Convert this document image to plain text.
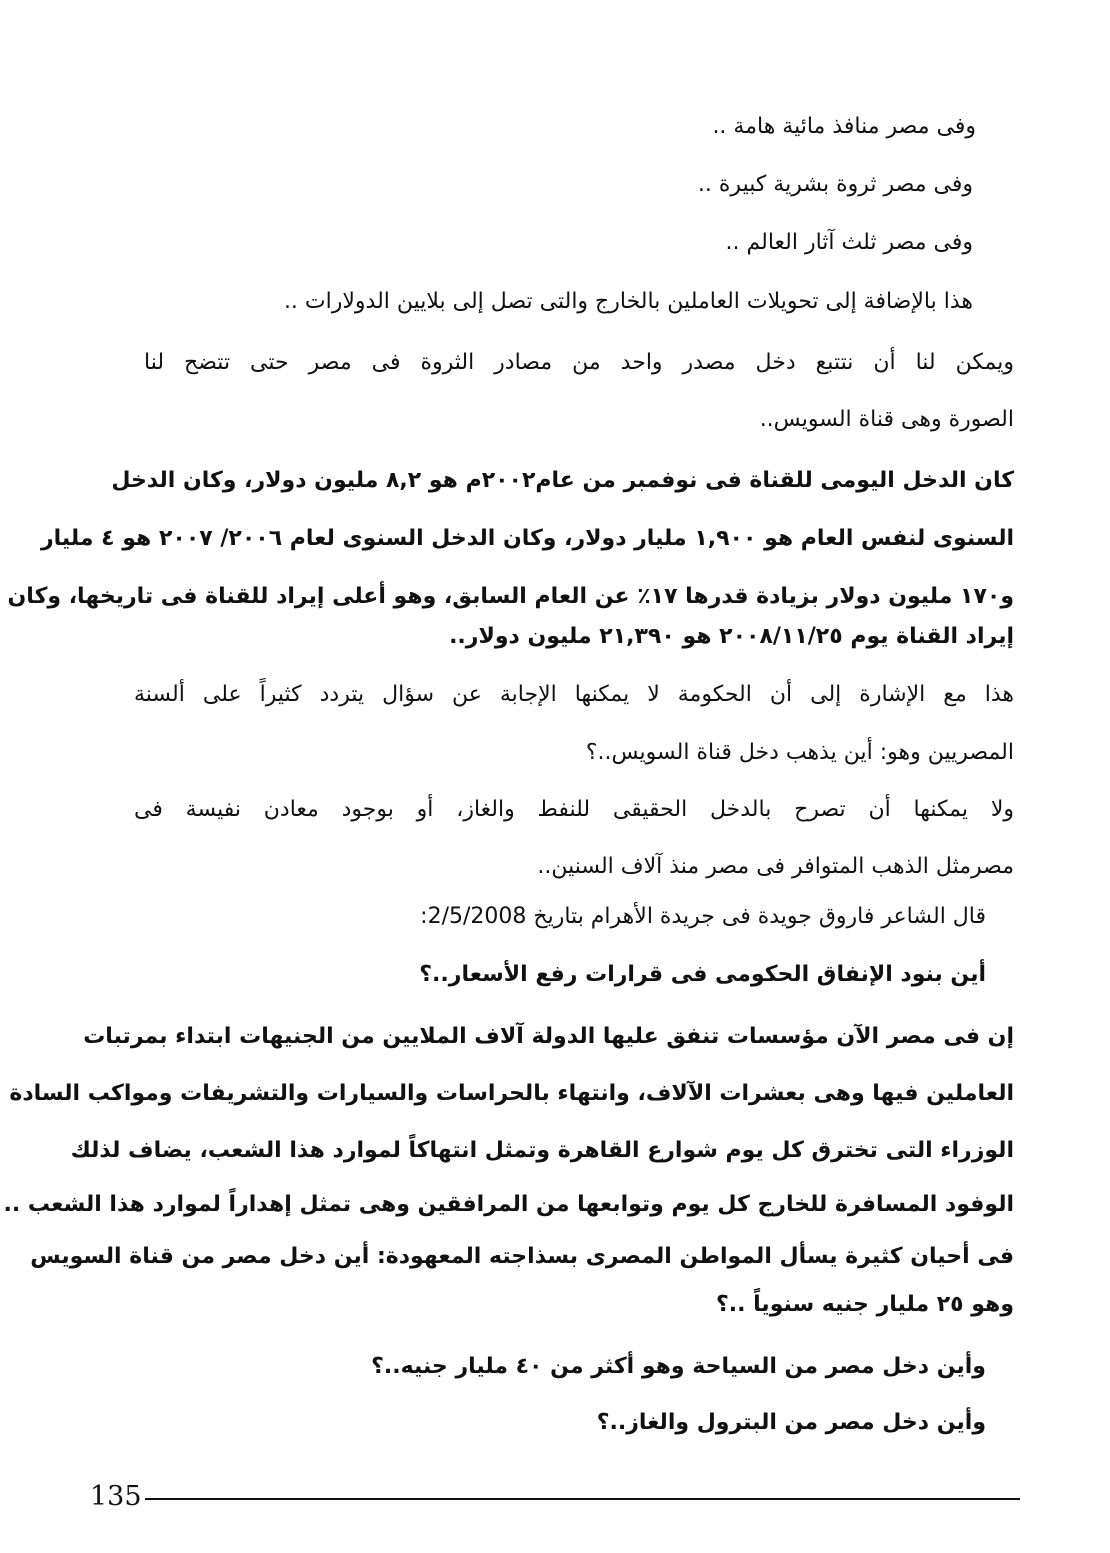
وفى مصر منافذ مائية هامة ..
وفى مصر ثروة بشرية كبيرة ..
وفى مصر ثلث آثار العالم ..
هذا بالإضافة إلى تحويلات العاملين بالخارج والتى تصل إلى بلايين الدولارات ..
ويمكن لنا أن نتتبع دخل مصدر واحد من مصادر الثروة فى مصر حتى تتضح لنا
الصورة وهى قناة السويس..
كان الدخل اليومى للقناة فى نوفمبر من عام٢٠٠٢م هو ٨,٢ مليون دولار، وكان الدخل
السنوى لنفس العام هو ١,٩٠٠ مليار دولار، وكان الدخل السنوى لعام ٢٠٠٦/ ٢٠٠٧ هو ٤ مليار
و١٧٠ مليون دولار بزيادة قدرها ١٧٪ عن العام السابق، وهو أعلى إيراد للقناة فى تاريخها، وكان
إيراد القناة يوم ٢٠٠٨/١١/٢٥ هو ٢١,٣٩٠ مليون دولار..
هذا مع الإشارة إلى أن الحكومة لا يمكنها الإجابة عن سؤال يتردد كثيراً على ألسنة
المصريين وهو: أين يذهب دخل قناة السويس..؟
ولا يمكنها أن تصرح بالدخل الحقيقى للنفط والغاز، أو بوجود معادن نفيسة فى
مصرمثل الذهب المتوافر فى مصر منذ آلاف السنين..
قال الشاعر فاروق جويدة فى جريدة الأهرام بتاريخ 2/5/2008:
أين بنود الإنفاق الحكومى فى قرارات رفع الأسعار..؟
إن فى مصر الآن مؤسسات تنفق عليها الدولة آلاف الملايين من الجنيهات ابتداء بمرتبات
العاملين فيها وهى بعشرات الآلاف، وانتهاء بالحراسات والسيارات والتشريفات ومواكب السادة
الوزراء التى تخترق كل يوم شوارع القاهرة وتمثل انتهاكاً لموارد هذا الشعب، يضاف لذلك
الوفود المسافرة للخارج كل يوم وتوابعها من المرافقين وهى تمثل إهداراً لموارد هذا الشعب ..
فى أحيان كثيرة يسأل المواطن المصرى بسذاجته المعهودة: أين دخل مصر من قناة السويس
وهو ٢٥ مليار جنيه سنوياً ..؟
وأين دخل مصر من السياحة وهو أكثر من ٤٠ مليار جنيه..؟
وأين دخل مصر من البترول والغاز..؟
135
